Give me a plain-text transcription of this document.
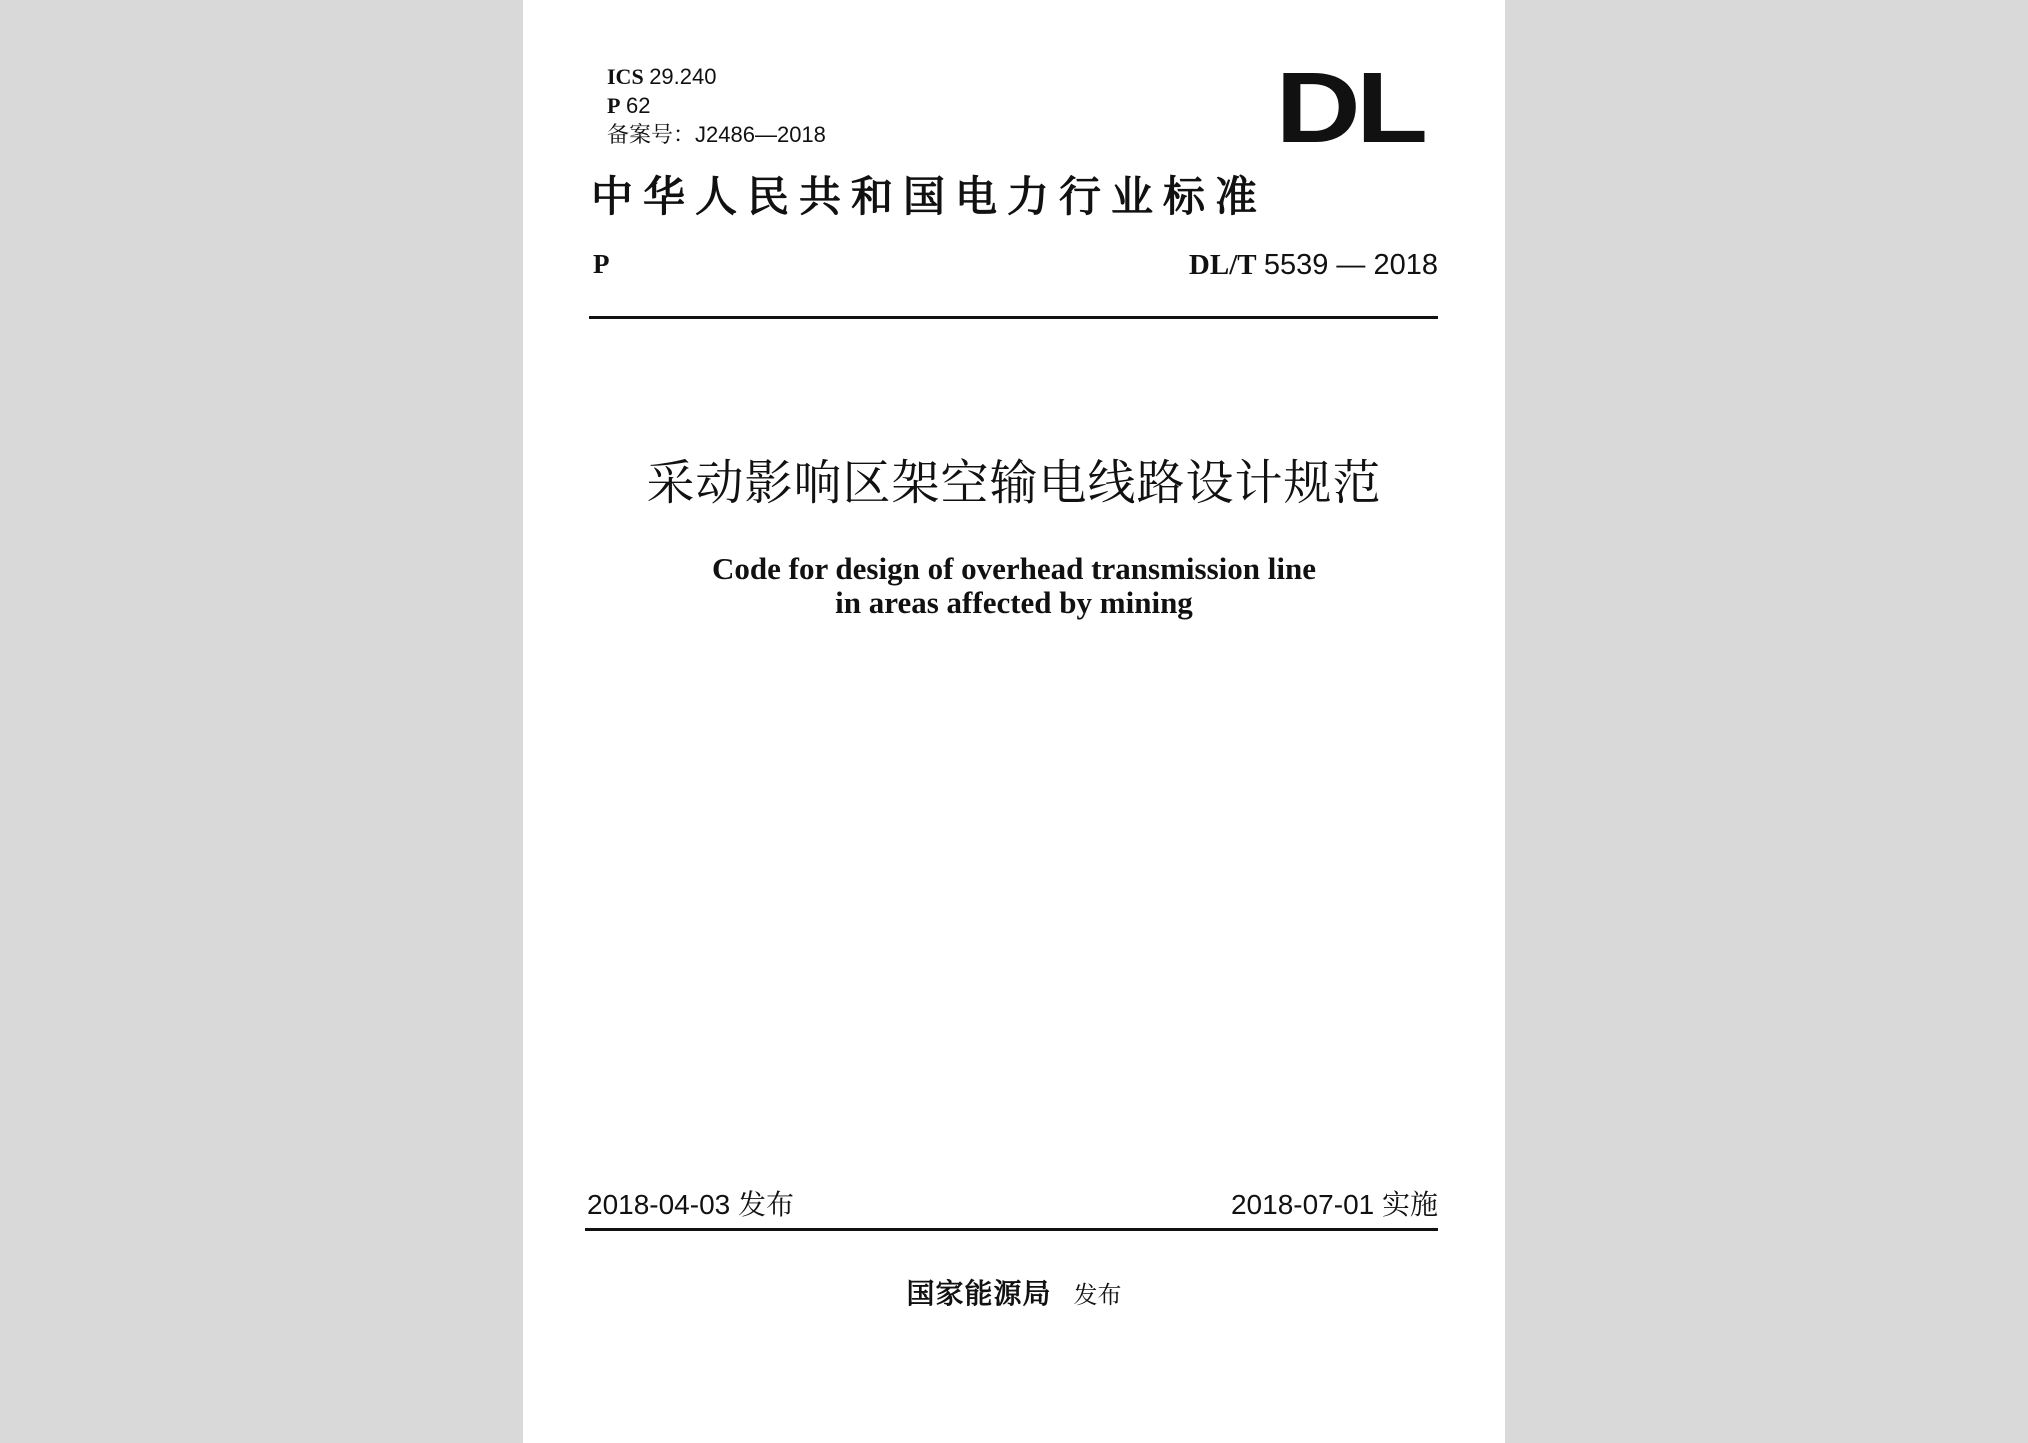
ICS 29.240
P 62
备案号：J2486—2018	DL
中华人民共和国电力行业标准
P	DL/T 5539 — 2018
采动影响区架空输电线路设计规范
Code for design of overhead transmission line
in areas affected by mining
2018-04-03 发布	2018-07-01 实施
国家能源局 发布
